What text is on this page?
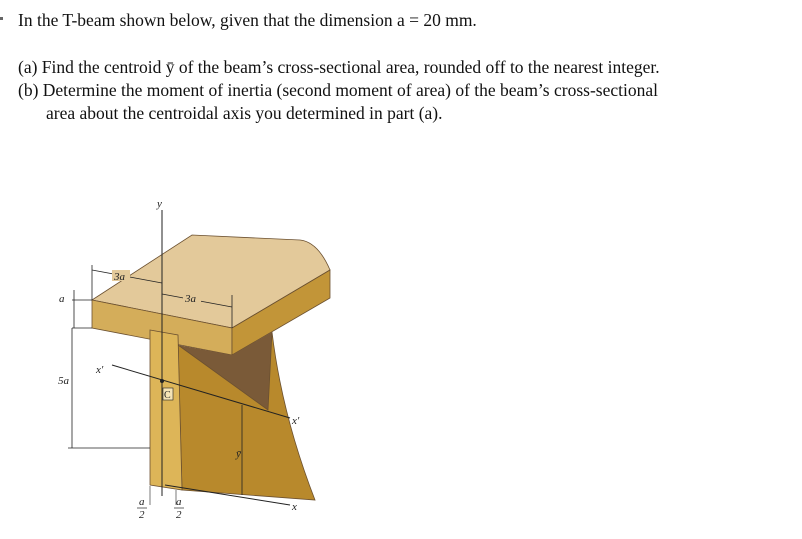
In the T-beam shown below, given that the dimension a = 20 mm.
(a) Find the centroid ȳ of the beam’s cross-sectional area, rounded off to the nearest integer.
(b) Determine the moment of inertia (second moment of area) of the beam’s cross-sectional
area about the centroidal axis you determined in part (a).
y
x′
x′
C
x
3a
3a
a
5a
ȳ
a
2
a
2
